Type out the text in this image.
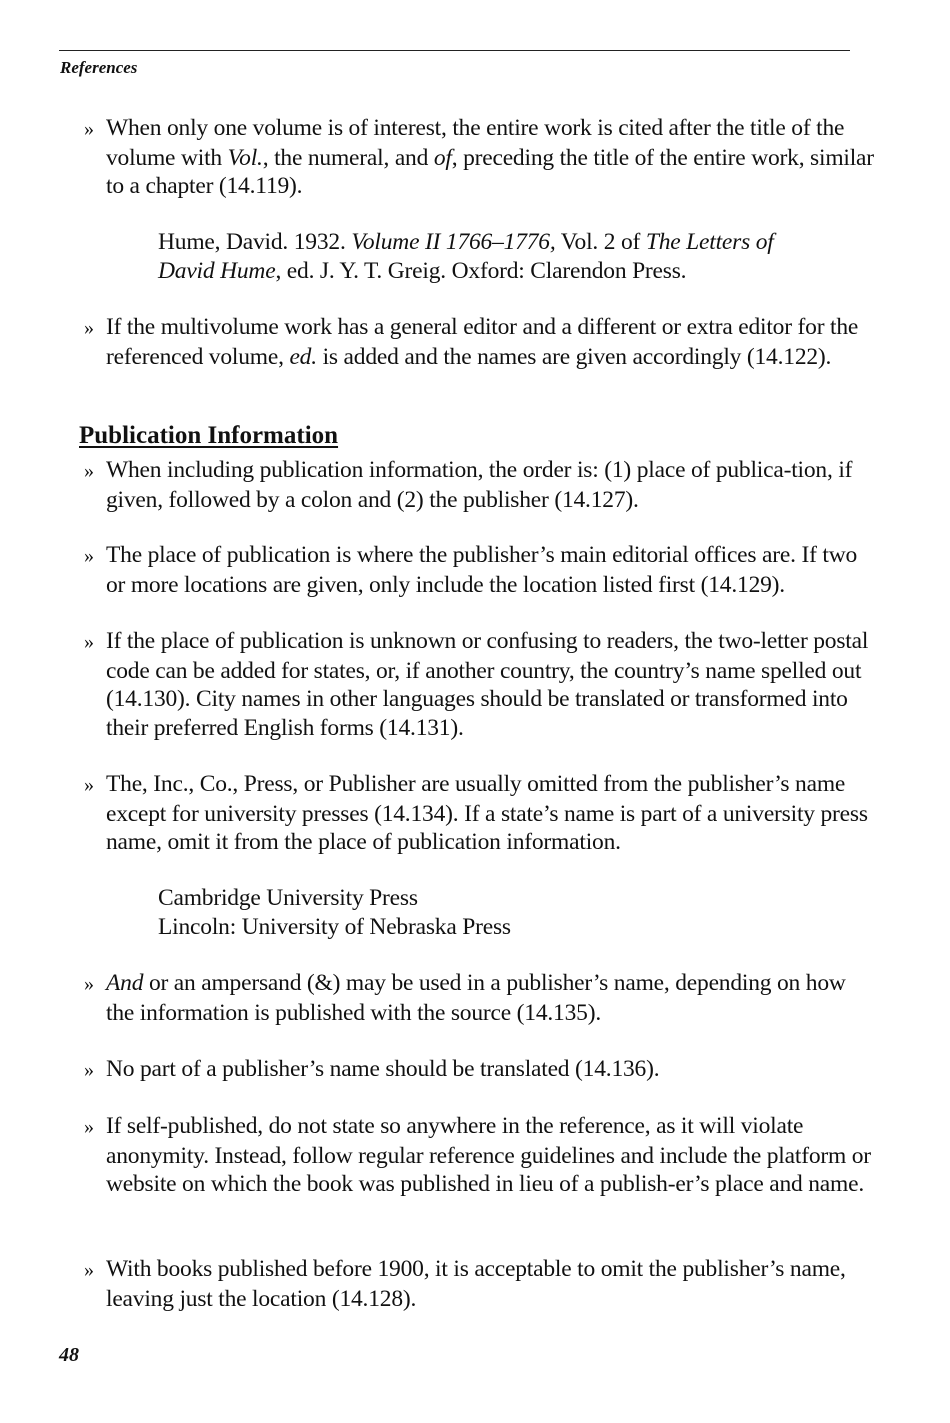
References
» When only one volume is of interest, the entire work is cited after the title of the volume with Vol., the numeral, and of, preceding the title of the entire work, similar to a chapter (14.119).
Hume, David. 1932. Volume II 1766–1776, Vol. 2 of The Letters of David Hume, ed. J. Y. T. Greig. Oxford: Clarendon Press.
» If the multivolume work has a general editor and a different or extra editor for the referenced volume, ed. is added and the names are given accordingly (14.122).
Publication Information
» When including publication information, the order is: (1) place of publica-tion, if given, followed by a colon and (2) the publisher (14.127).
» The place of publication is where the publisher’s main editorial offices are. If two or more locations are given, only include the location listed first (14.129).
» If the place of publication is unknown or confusing to readers, the two-letter postal code can be added for states, or, if another country, the country’s name spelled out (14.130). City names in other languages should be translated or transformed into their preferred English forms (14.131).
» The, Inc., Co., Press, or Publisher are usually omitted from the publisher’s name except for university presses (14.134). If a state’s name is part of a university press name, omit it from the place of publication information.
Cambridge University Press
Lincoln: University of Nebraska Press
» And or an ampersand (&) may be used in a publisher’s name, depending on how the information is published with the source (14.135).
» No part of a publisher’s name should be translated (14.136).
» If self-published, do not state so anywhere in the reference, as it will violate anonymity. Instead, follow regular reference guidelines and include the platform or website on which the book was published in lieu of a publish-er’s place and name.
» With books published before 1900, it is acceptable to omit the publisher’s name, leaving just the location (14.128).
48
